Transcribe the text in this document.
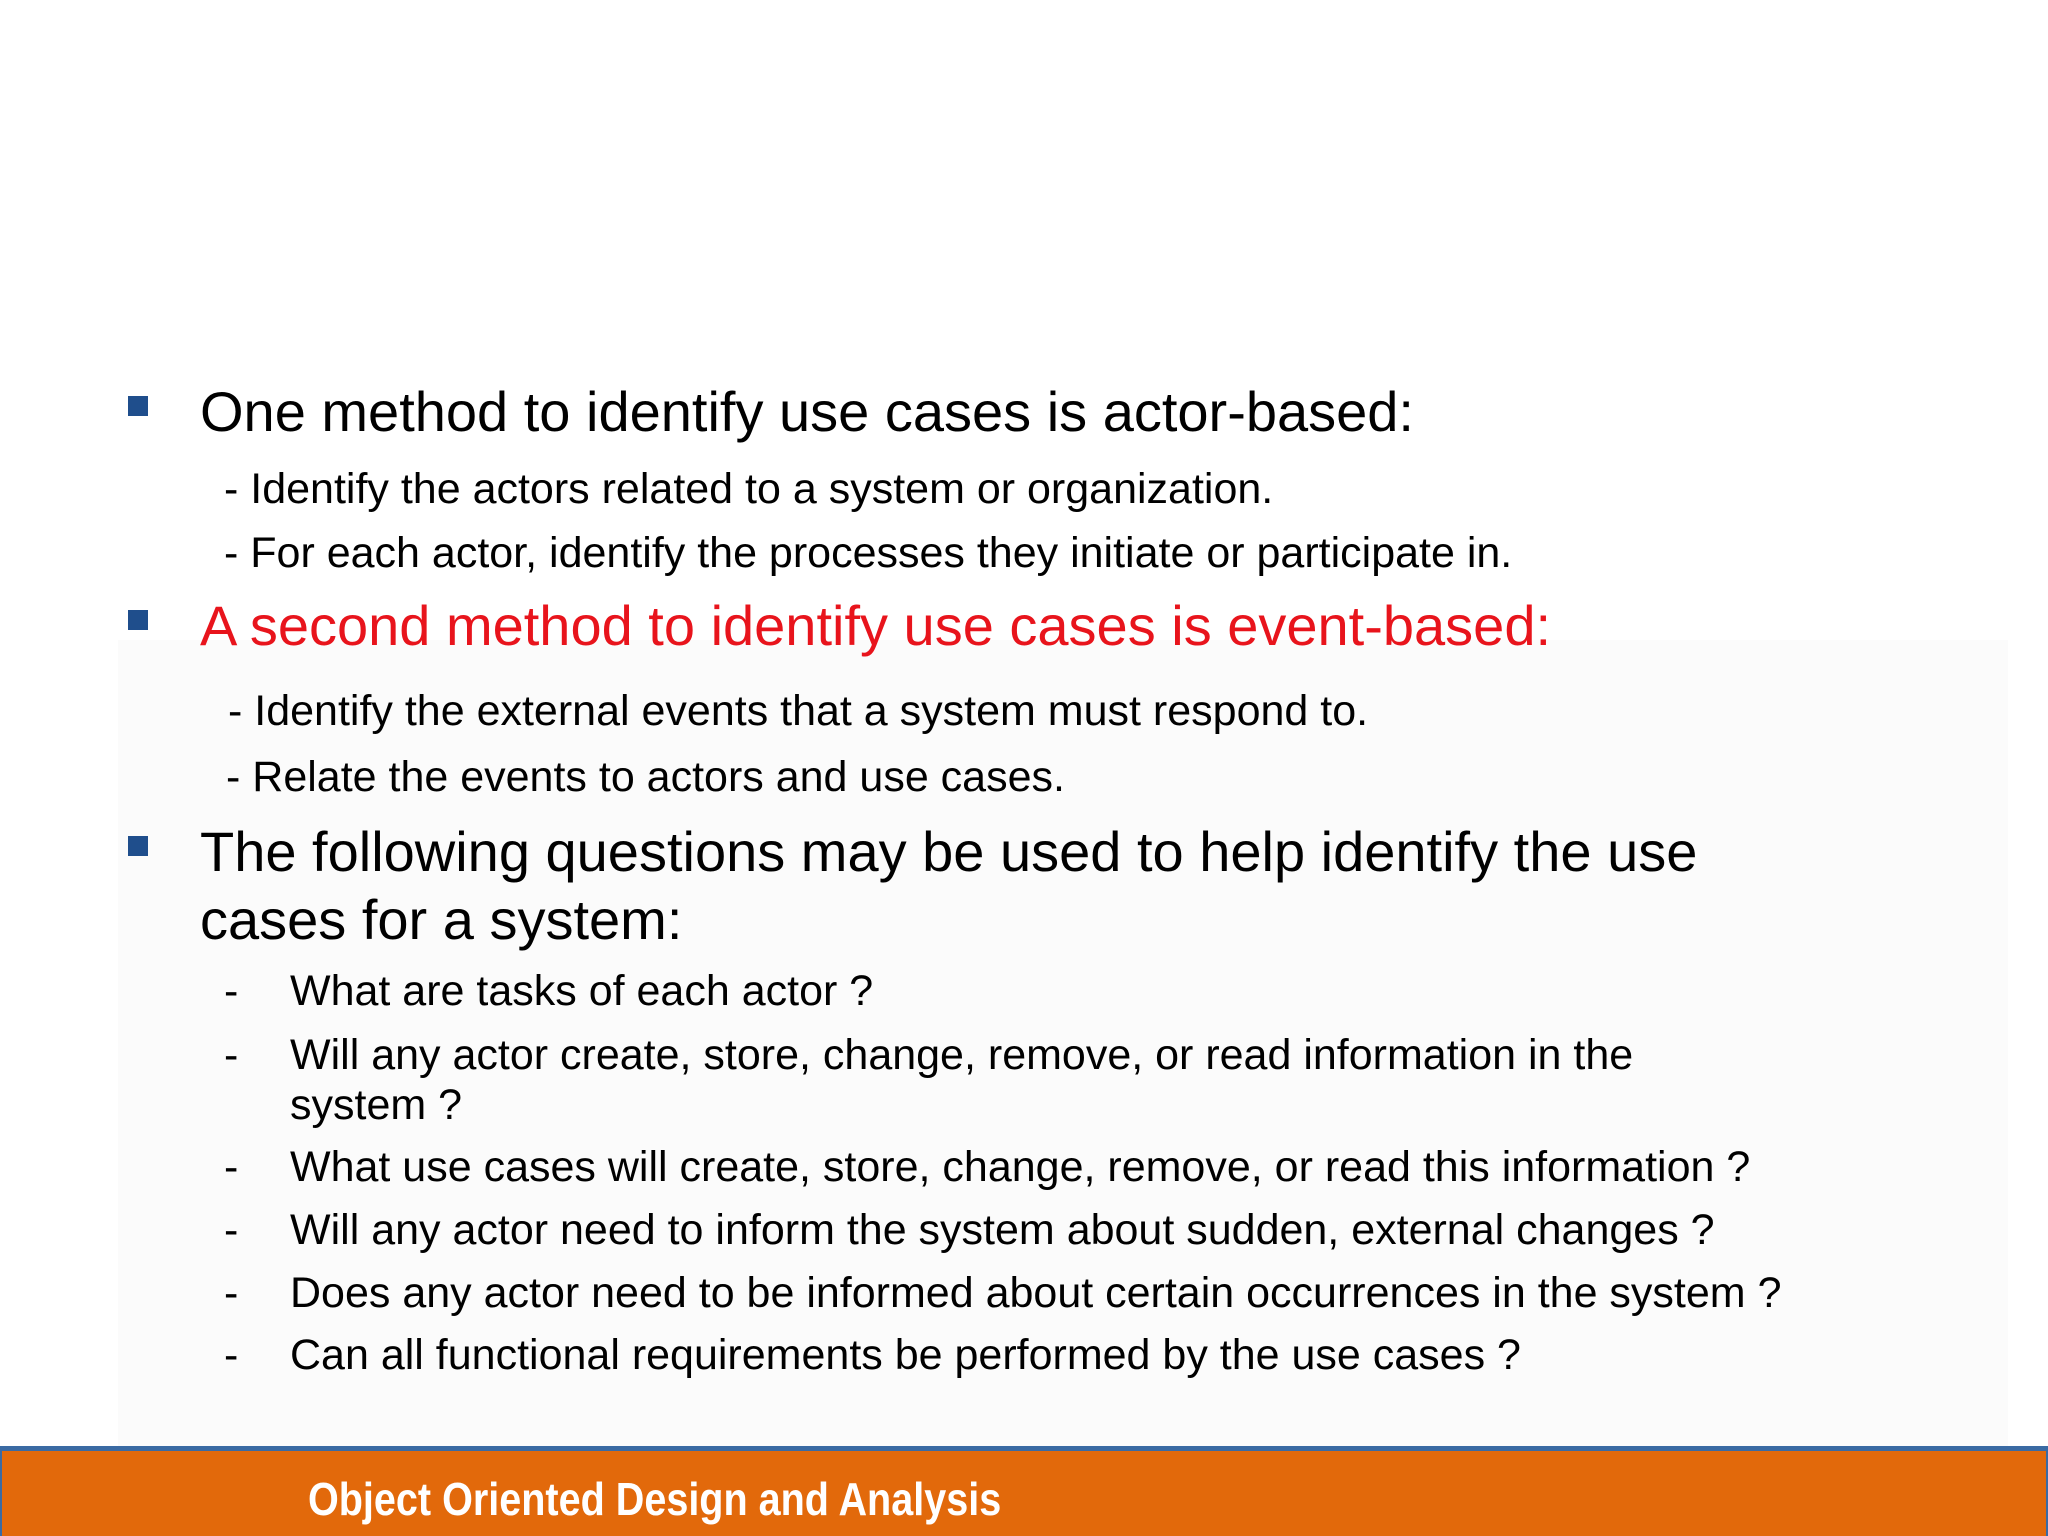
One method to identify use cases is actor-based:
- Identify the actors related to a system or organization.
- For each actor, identify the processes they initiate or participate in.
A second method to identify use cases is event-based:
- Identify the external events that a system must respond to.
- Relate the events to actors and use cases.
The following questions may be used to help identify the use
cases for a system:
- What are tasks of each actor ?
- Will any actor create, store, change, remove, or read information in the
system ?
- What use cases will create, store, change, remove, or read this information ?
- Will any actor need to inform the system about sudden, external changes ?
- Does any actor need to be informed about certain occurrences in the system ?
- Can all functional requirements be performed by the use cases ?
Object Oriented Design and Analysis
